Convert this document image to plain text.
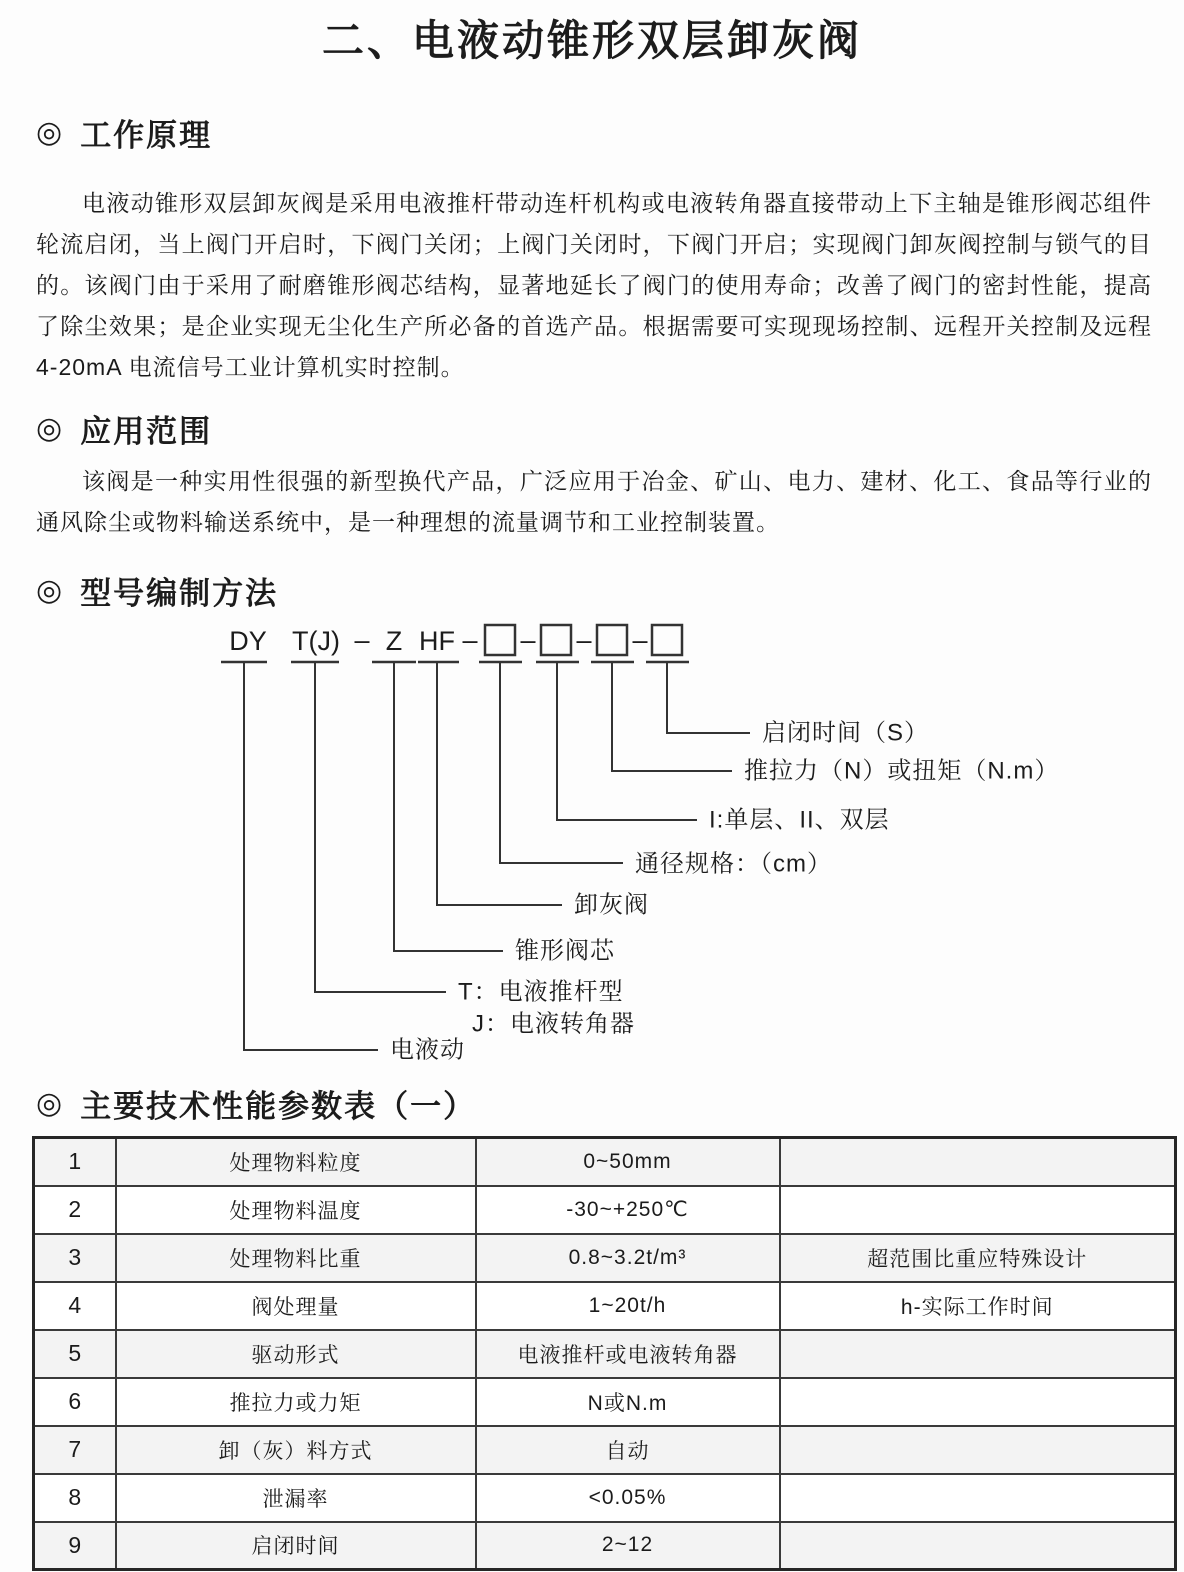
二、电液动锥形双层卸灰阀
◎ 工作原理
电液动锥形双层卸灰阀是采用电液推杆带动连杆机构或电液转角器直接带动上下主轴是锥形阀芯组件轮流启闭，当上阀门开启时，下阀门关闭；上阀门关闭时，下阀门开启；实现阀门卸灰阀控制与锁气的目的。该阀门由于采用了耐磨锥形阀芯结构，显著地延长了阀门的使用寿命；改善了阀门的密封性能，提高了除尘效果；是企业实现无尘化生产所必备的首选产品。根据需要可实现现场控制、远程开关控制及远程4-20mA 电流信号工业计算机实时控制。
◎ 应用范围
该阀是一种实用性很强的新型换代产品，广泛应用于冶金、矿山、电力、建材、化工、食品等行业的通风除尘或物料输送系统中，是一种理想的流量调节和工业控制装置。
◎ 型号编制方法
DY T(J) – Z HF – – – –
启闭时间（S）
推拉力（N）或扭矩（N.m）
I:单层、II、双层
通径规格：（cm）
卸灰阀
锥形阀芯
T：电液推杆型
J：电液转角器
电液动
◎ 主要技术性能参数表（一）
1	处理物料粒度	0~50mm	
2	处理物料温度	-30~+250℃	
3	处理物料比重	0.8~3.2t/m³	超范围比重应特殊设计
4	阀处理量	1~20t/h	h-实际工作时间
5	驱动形式	电液推杆或电液转角器	
6	推拉力或力矩	N或N.m	
7	卸（灰）料方式	自动	
8	泄漏率	<0.05%	
9	启闭时间	2~12	
